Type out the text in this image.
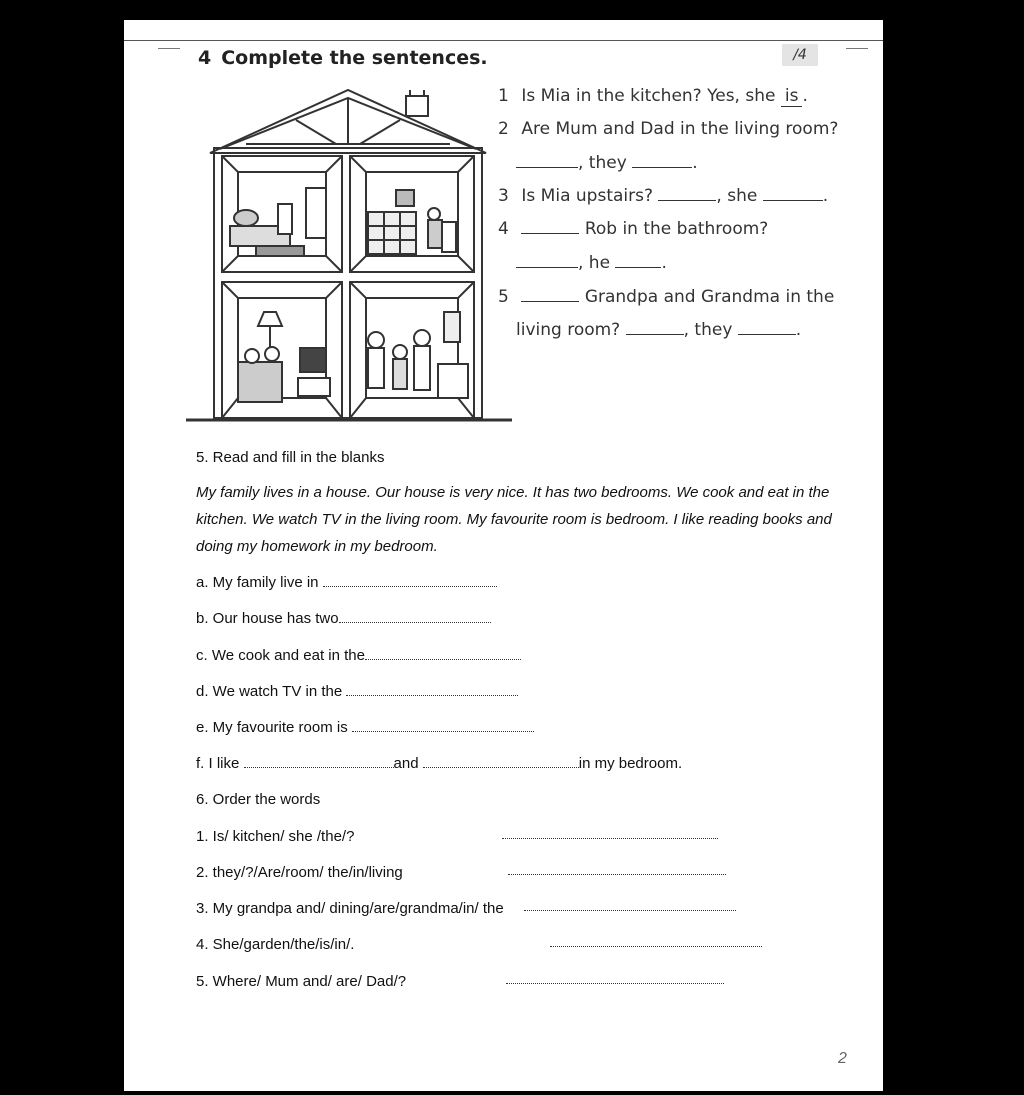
4 Complete the sentences.	/4
1 Is Mia in the kitchen? Yes, she is .
2 Are Mum and Dad in the living room?
, they	.
3 Is Mia upstairs?	, she	.
4	Rob in the bathroom?
, he	.
5	Grandpa and Grandma in the
living room?	, they	.
5. Read and fill in the blanks
My family lives in a house. Our house is very nice. It has two bedrooms. We cook and eat in the kitchen. We watch TV in the living room. My favourite room is bedroom. I like reading books and doing my homework in my bedroom.
a. My family live in
b. Our house has two
c. We cook and eat in the
d. We watch TV in the
e. My favourite room is
f. I like	and	in my bedroom.
6. Order the words
1. Is/ kitchen/ she /the/?
2. they/?/Are/room/ the/in/living
3. My grandpa and/ dining/are/grandma/in/ the
4. She/garden/the/is/in/.
5. Where/ Mum and/ are/ Dad/?
2
